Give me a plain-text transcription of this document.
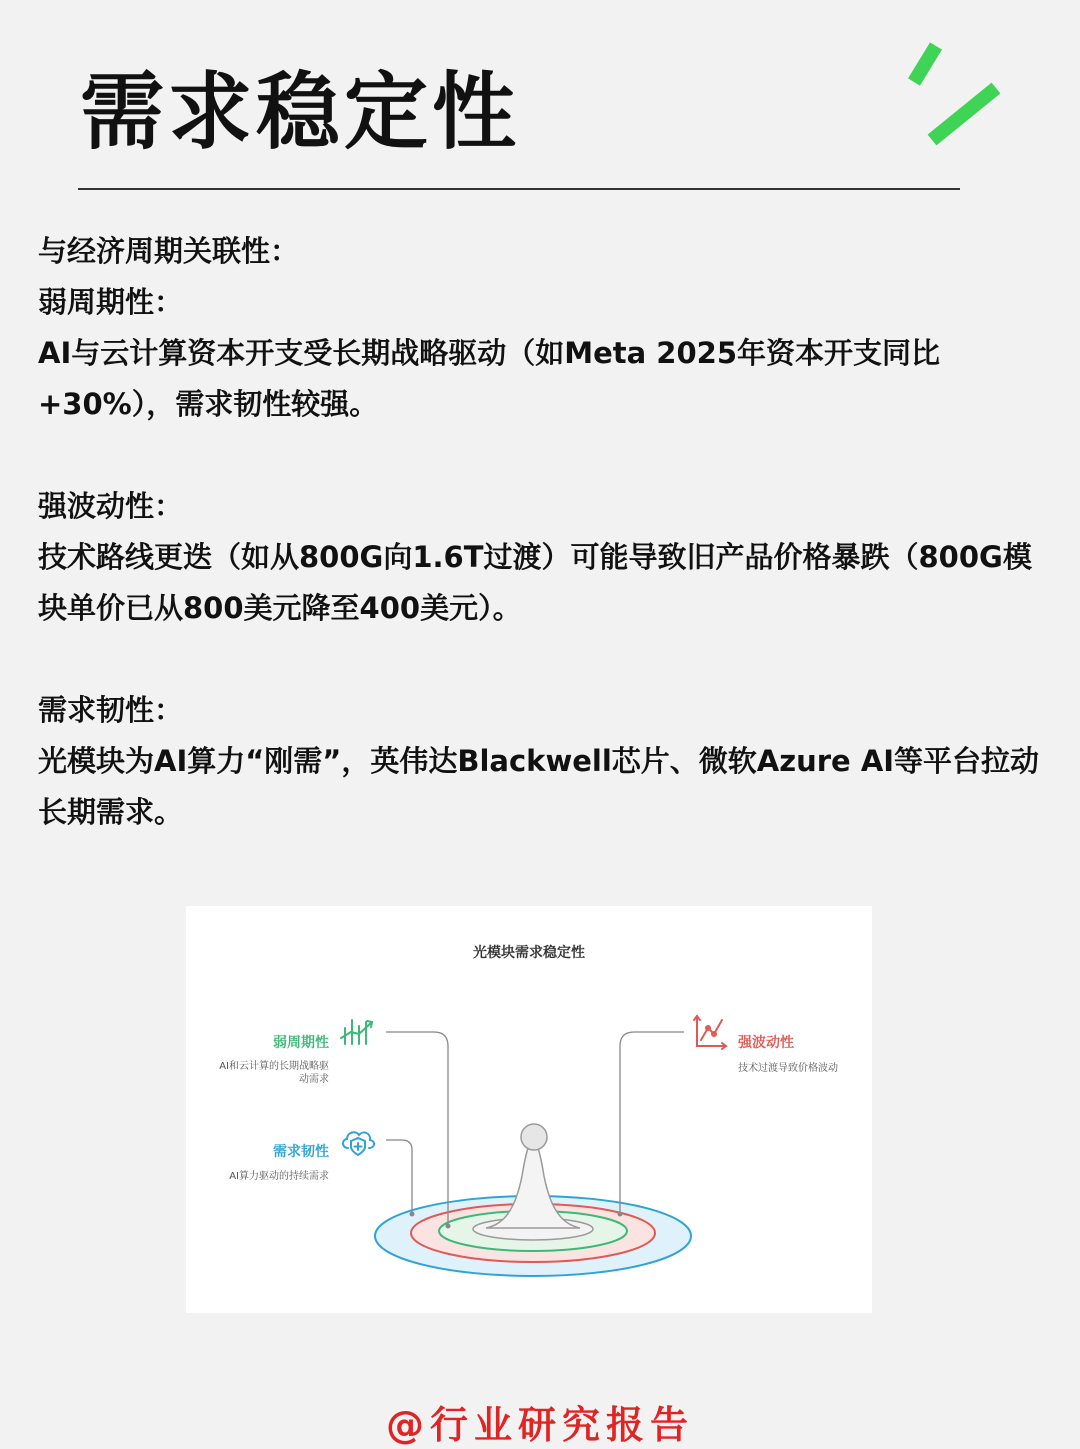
需求稳定性

与经济周期关联性：

弱周期性：

AI与云计算资本开支受长期战略驱动（如Meta 2025年资本开支同比+30%），需求韧性较强。

强波动性：

技术路线更迭（如从800G向1.6T过渡）可能导致旧产品价格暴跌（800G模块单价已从800美元降至400美元）。

需求韧性：

光模块为AI算力“刚需”，英伟达Blackwell芯片、微软Azure AI等平台拉动长期需求。

光模块需求稳定性
弱周期性
AI和云计算的长期战略驱
动需求
强波动性
技术过渡导致价格波动
需求韧性
AI算力驱动的持续需求
@行业研究报告
